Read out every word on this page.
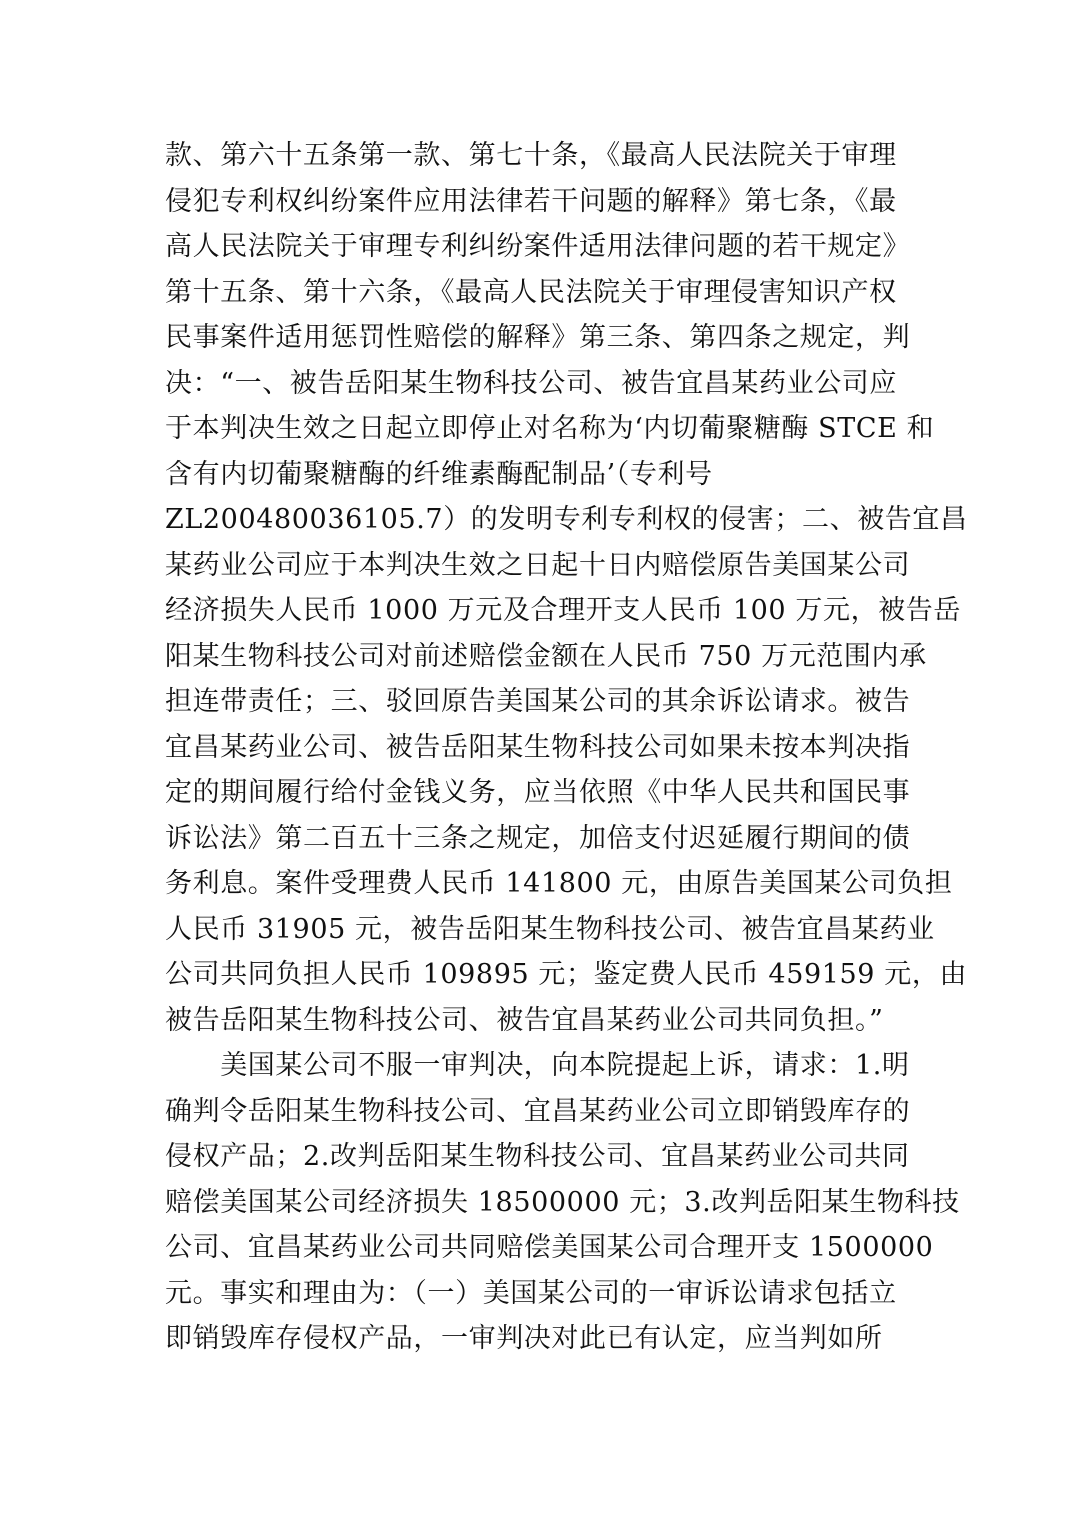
款、第六十五条第一款、第七十条，《最高人民法院关于审理
侵犯专利权纠纷案件应用法律若干问题的解释》第七条，《最
高人民法院关于审理专利纠纷案件适用法律问题的若干规定》
第十五条、第十六条，《最高人民法院关于审理侵害知识产权
民事案件适用惩罚性赔偿的解释》第三条、第四条之规定，判
决：“一、被告岳阳某生物科技公司、被告宜昌某药业公司应
于本判决生效之日起立即停止对名称为‘内切葡聚糖酶 STCE 和
含有内切葡聚糖酶的纤维素酶配制品’（专利号
ZL200480036105.7）的发明专利专利权的侵害；二、被告宜昌
某药业公司应于本判决生效之日起十日内赔偿原告美国某公司
经济损失人民币 1000 万元及合理开支人民币 100 万元，被告岳
阳某生物科技公司对前述赔偿金额在人民币 750 万元范围内承
担连带责任；三、驳回原告美国某公司的其余诉讼请求。被告
宜昌某药业公司、被告岳阳某生物科技公司如果未按本判决指
定的期间履行给付金钱义务，应当依照《中华人民共和国民事
诉讼法》第二百五十三条之规定，加倍支付迟延履行期间的债
务利息。案件受理费人民币 141800 元，由原告美国某公司负担
人民币 31905 元，被告岳阳某生物科技公司、被告宜昌某药业
公司共同负担人民币 109895 元；鉴定费人民币 459159 元，由
被告岳阳某生物科技公司、被告宜昌某药业公司共同负担。”
　　美国某公司不服一审判决，向本院提起上诉，请求：1.明
确判令岳阳某生物科技公司、宜昌某药业公司立即销毁库存的
侵权产品；2.改判岳阳某生物科技公司、宜昌某药业公司共同
赔偿美国某公司经济损失 18500000 元；3.改判岳阳某生物科技
公司、宜昌某药业公司共同赔偿美国某公司合理开支 1500000
元。事实和理由为：（一）美国某公司的一审诉讼请求包括立
即销毁库存侵权产品，一审判决对此已有认定，应当判如所
